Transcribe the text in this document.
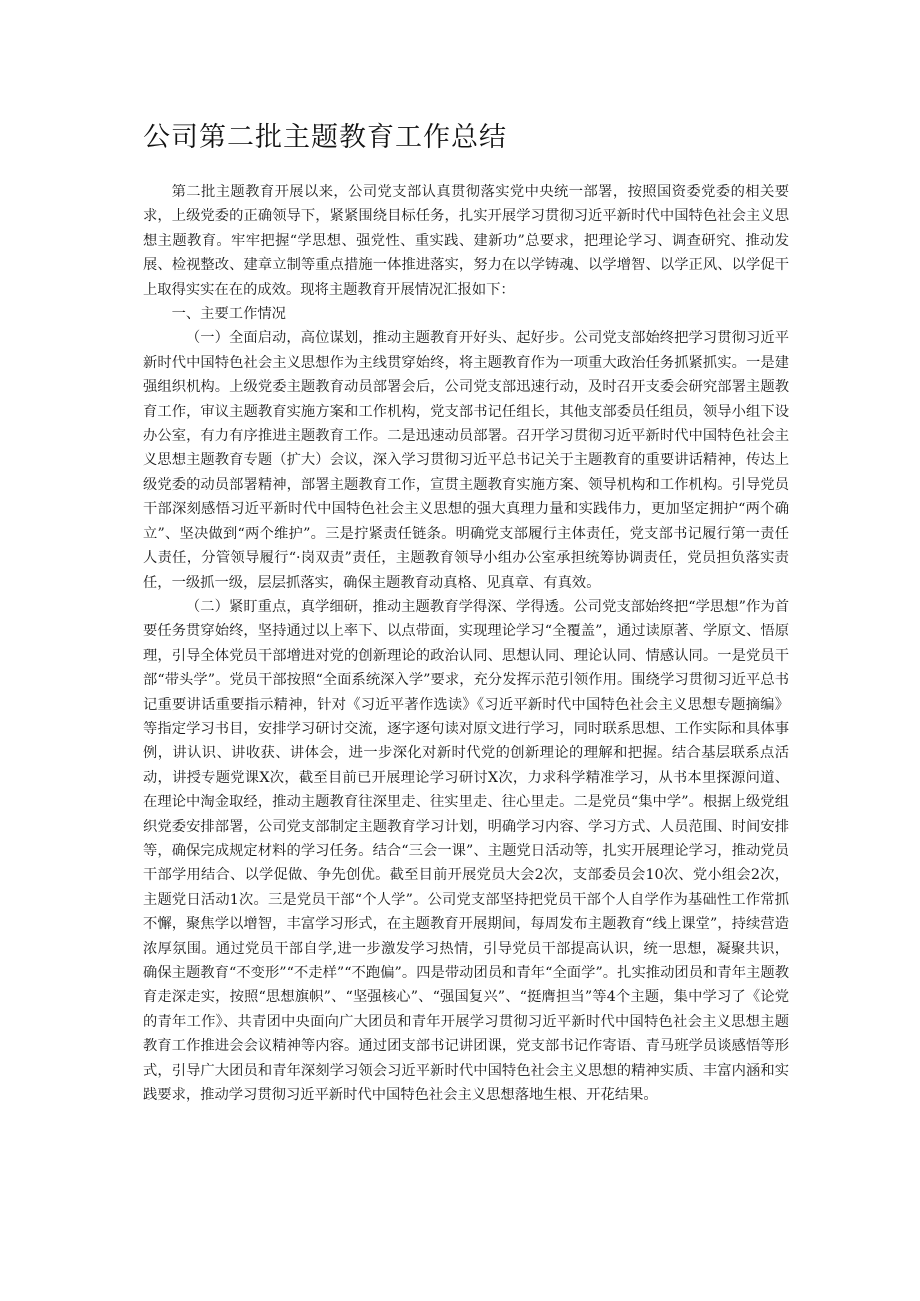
公司第二批主题教育工作总结

第二批主题教育开展以来，公司党支部认真贯彻落实党中央统一部署，按照国资委党委的相关要求，上级党委的正确领导下，紧紧围绕目标任务，扎实开展学习贯彻习近平新时代中国特色社会主义思想主题教育。牢牢把握“学思想、强党性、重实践、建新功”总要求，把理论学习、调查研究、推动发展、检视整改、建章立制等重点措施一体推进落实，努力在以学铸魂、以学增智、以学正风、以学促干上取得实实在在的成效。现将主题教育开展情况汇报如下：

一、主要工作情况

（一）全面启动，高位谋划，推动主题教育开好头、起好步。公司党支部始终把学习贯彻习近平新时代中国特色社会主义思想作为主线贯穿始终，将主题教育作为一项重大政治任务抓紧抓实。一是建强组织机构。上级党委主题教育动员部署会后，公司党支部迅速行动，及时召开支委会研究部署主题教育工作，审议主题教育实施方案和工作机构，党支部书记任组长，其他支部委员任组员，领导小组下设办公室，有力有序推进主题教育工作。二是迅速动员部署。召开学习贯彻习近平新时代中国特色社会主义思想主题教育专题（扩大）会议，深入学习贯彻习近平总书记关于主题教育的重要讲话精神，传达上级党委的动员部署精神，部署主题教育工作，宣贯主题教育实施方案、领导机构和工作机构。引导党员干部深刻感悟习近平新时代中国特色社会主义思想的强大真理力量和实践伟力，更加坚定拥护“两个确立”、坚决做到“两个维护”。三是拧紧责任链条。明确党支部履行主体责任，党支部书记履行第一责任人责任，分管领导履行“·岗双责”责任，主题教育领导小组办公室承担统筹协调责任，党员担负落实责任，一级抓一级，层层抓落实，确保主题教育动真格、见真章、有真效。

（二）紧盯重点，真学细研，推动主题教育学得深、学得透。公司党支部始终把“学思想”作为首要任务贯穿始终，坚持通过以上率下、以点带面，实现理论学习“全覆盖”，通过读原著、学原文、悟原理，引导全体党员干部增进对党的创新理论的政治认同、思想认同、理论认同、情感认同。一是党员干部“带头学”。党员干部按照“全面系统深入学”要求，充分发挥示范引领作用。围绕学习贯彻习近平总书记重要讲话重要指示精神，针对《习近平著作选读》《习近平新时代中国特色社会主义思想专题摘编》等指定学习书目，安排学习研讨交流，逐字逐句读对原文进行学习，同时联系思想、工作实际和具体事例，讲认识、讲收获、讲体会，进一步深化对新时代党的创新理论的理解和把握。结合基层联系点活动，讲授专题党课X次，截至目前已开展理论学习研讨X次，力求科学精准学习，从书本里探源问道、在理论中淘金取经，推动主题教育往深里走、往实里走、往心里走。二是党员“集中学”。根据上级党组织党委安排部署，公司党支部制定主题教育学习计划，明确学习内容、学习方式、人员范围、时间安排等，确保完成规定材料的学习任务。结合“三会一课”、主题党日活动等，扎实开展理论学习，推动党员干部学用结合、以学促做、争先创优。截至目前开展党员大会2次，支部委员会10次、党小组会2次，主题党日活动1次。三是党员干部“个人学”。公司党支部坚持把党员干部个人自学作为基础性工作常抓不懈，聚焦学以增智，丰富学习形式，在主题教育开展期间，每周发布主题教育“线上课堂”，持续营造浓厚氛围。通过党员干部自学,进一步激发学习热情，引导党员干部提高认识，统一思想，凝聚共识，确保主题教育“不变形”“不走样”“不跑偏”。四是带动团员和青年“全面学”。扎实推动团员和青年主题教育走深走实，按照“思想旗帜”、“坚强核心”、“强国复兴”、“挺膺担当”等4个主题，集中学习了《论党的青年工作》、共青团中央面向广大团员和青年开展学习贯彻习近平新时代中国特色社会主义思想主题教育工作推进会会议精神等内容。通过团支部书记讲团课，党支部书记作寄语、青马班学员谈感悟等形式，引导广大团员和青年深刻学习领会习近平新时代中国特色社会主义思想的精神实质、丰富内涵和实践要求，推动学习贯彻习近平新时代中国特色社会主义思想落地生根、开花结果。
